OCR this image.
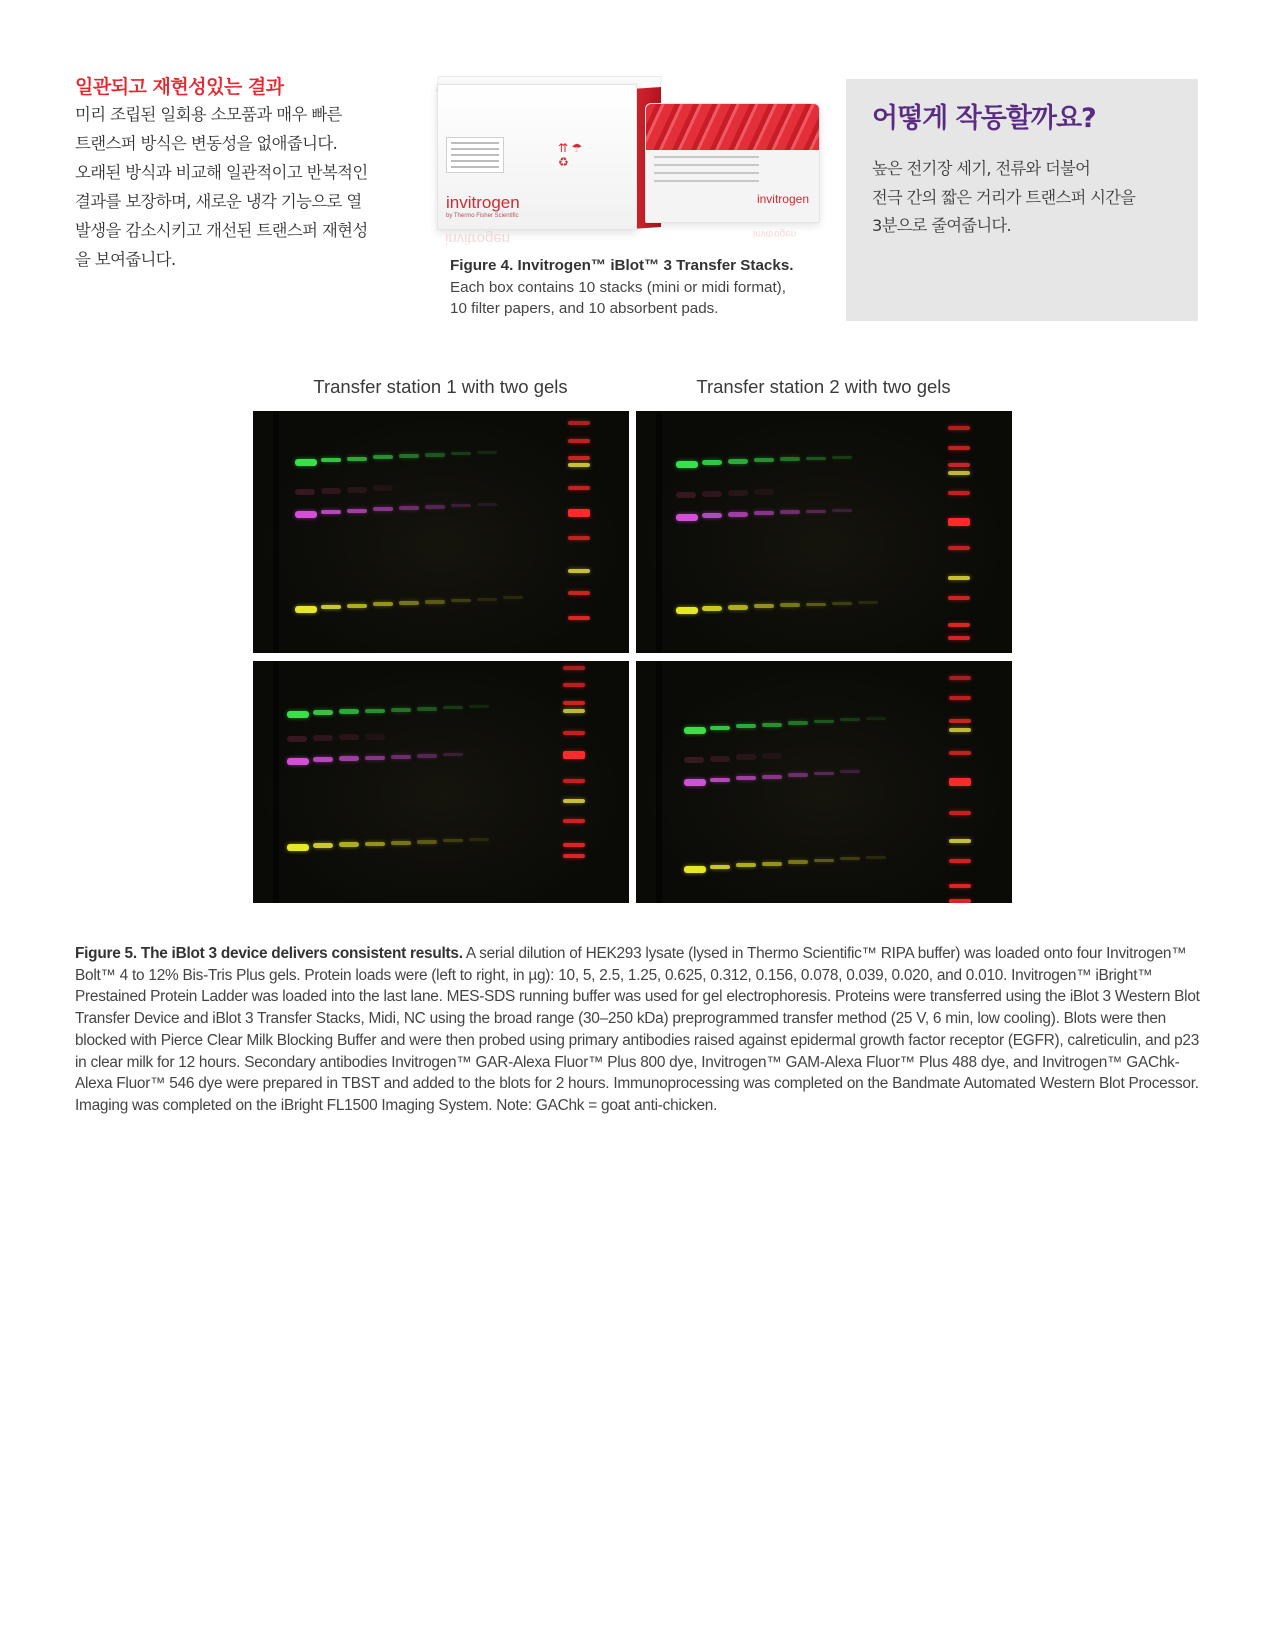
일관되고 재현성있는 결과
미리 조립된 일회용 소모품과 매우 빠른
트랜스퍼 방식은 변동성을 없애줍니다.
오래된 방식과 비교해 일관적이고 반복적인
결과를 보장하며, 새로운 냉각 기능으로 열
발생을 감소시키고 개선된 트랜스퍼 재현성
을 보여줍니다.
⇈ ☂
♻
invitrogen
by Thermo Fisher Scientific
invitrogen
invitrogen
invitrogen
Figure 4. Invitrogen™ iBlot™ 3 Transfer Stacks.
Each box contains 10 stacks (mini or midi format),
10 filter papers, and 10 absorbent pads.
어떻게 작동할까요?
높은 전기장 세기, 전류와 더불어
전극 간의 짧은 거리가 트랜스퍼 시간을
3분으로 줄여줍니다.
Transfer station 1 with two gels	Transfer station 2 with two gels
Figure 5. The iBlot 3 device delivers consistent results. A serial dilution of HEK293 lysate (lysed in Thermo Scientific™ RIPA buffer) was loaded onto four Invitrogen™ Bolt™ 4 to 12% Bis-Tris Plus gels. Protein loads were (left to right, in µg): 10, 5, 2.5, 1.25, 0.625, 0.312, 0.156, 0.078, 0.039, 0.020, and 0.010. Invitrogen™ iBright™ Prestained Protein Ladder was loaded into the last lane. MES-SDS running buffer was used for gel electrophoresis. Proteins were transferred using the iBlot 3 Western Blot Transfer Device and iBlot 3 Transfer Stacks, Midi, NC using the broad range (30–250 kDa) preprogrammed transfer method (25 V, 6 min, low cooling). Blots were then blocked with Pierce Clear Milk Blocking Buffer and were then probed using primary antibodies raised against epidermal growth factor receptor (EGFR), calreticulin, and p23 in clear milk for 12 hours. Secondary antibodies Invitrogen™ GAR-Alexa Fluor™ Plus 800 dye, Invitrogen™ GAM-Alexa Fluor™ Plus 488 dye, and Invitrogen™ GAChk-Alexa Fluor™ 546 dye were prepared in TBST and added to the blots for 2 hours. Immunoprocessing was completed on the Bandmate Automated Western Blot Processor. Imaging was completed on the iBright FL1500 Imaging System. Note: GAChk = goat anti-chicken.
